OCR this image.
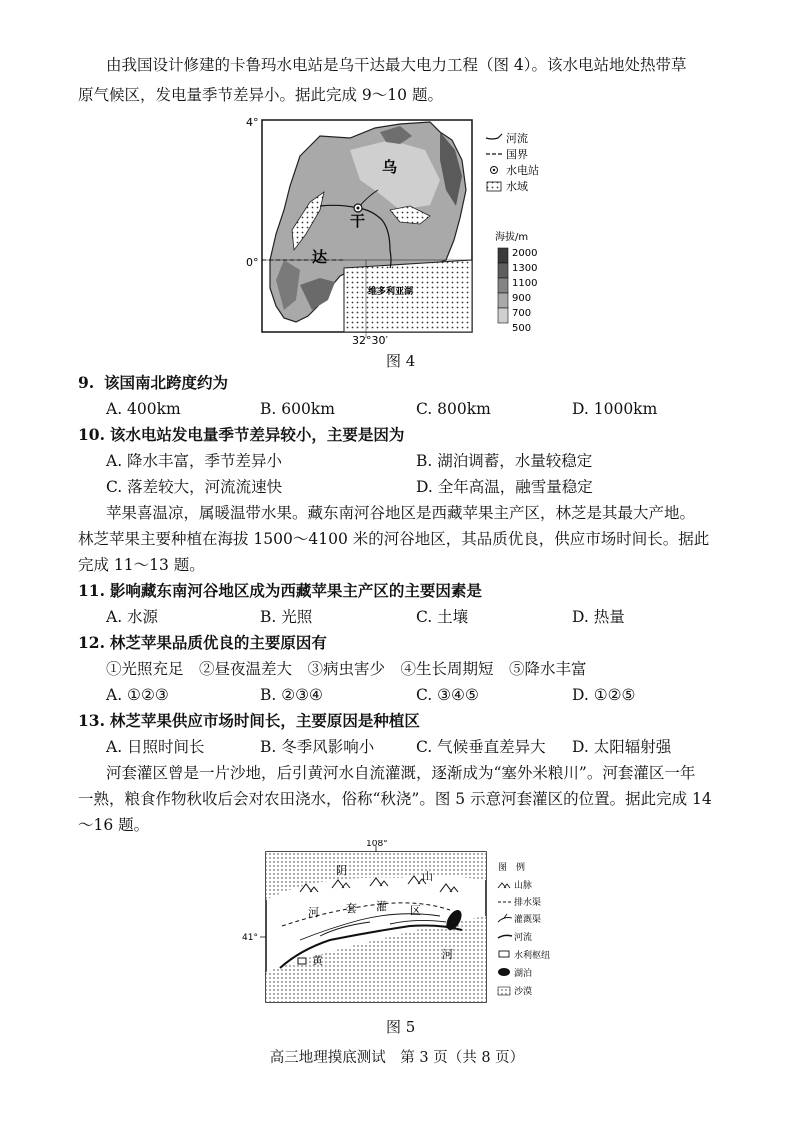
由我国设计修建的卡鲁玛水电站是乌干达最大电力工程（图 4）。该水电站地处热带草
原气候区，发电量季节差异小。据此完成 9～10 题。
乌
干
达
维多利亚湖
4°
0°
32°30′
河流
国界
水电站
水域
海拔/m
2000
1300
1100
900
700
500
图 4
9. 该国南北跨度约为
A. 400km	B. 600km	C. 800km	D. 1000km
10. 该水电站发电量季节差异较小，主要是因为
A. 降水丰富，季节差异小	B. 湖泊调蓄，水量较稳定
C. 落差较大，河流流速快	D. 全年高温，融雪量稳定
苹果喜温凉，属暖温带水果。藏东南河谷地区是西藏苹果主产区，林芝是其最大产地。
林芝苹果主要种植在海拔 1500～4100 米的河谷地区，其品质优良，供应市场时间长。据此
完成 11～13 题。
11. 影响藏东南河谷地区成为西藏苹果主产区的主要因素是
A. 水源	B. 光照	C. 土壤	D. 热量
12. 林芝苹果品质优良的主要原因有
①光照充足　②昼夜温差大　③病虫害少　④生长周期短　⑤降水丰富
A. ①②③	B. ②③④	C. ③④⑤	D. ①②⑤
13. 林芝苹果供应市场时间长，主要原因是种植区
A. 日照时间长	B. 冬季风影响小	C. 气候垂直差异大 D. 太阳辐射强
河套灌区曾是一片沙地，后引黄河水自流灌溉，逐渐成为“塞外米粮川”。河套灌区一年
一熟，粮食作物秋收后会对农田浇水，俗称“秋浇”。图 5 示意河套灌区的位置。据此完成 14
～16 题。
108°
41°
阴	山
河 套 灌 区
黄	河
图　例
山脉
排水渠
灌溉渠
河流
水利枢纽
湖泊
沙漠
图 5
高三地理摸底测试　第 3 页（共 8 页）
